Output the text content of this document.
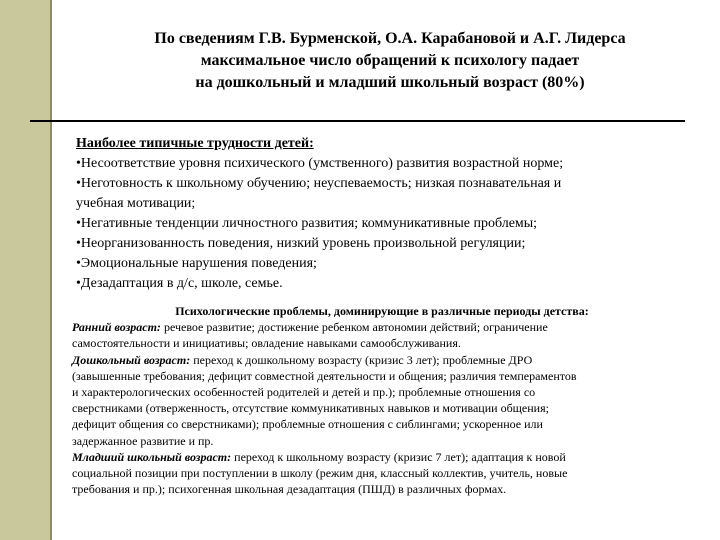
По сведениям Г.В. Бурменской, О.А. Карабановой и А.Г. Лидерса
максимальное число обращений к психологу падает
на дошкольный и младший школьный возраст (80%)
Наиболее типичные трудности детей:
•Несоответствие уровня психического (умственного) развития возрастной норме;
•Неготовность к школьному обучению; неуспеваемость; низкая познавательная и
учебная мотивации;
•Негативные тенденции личностного развития; коммуникативные проблемы;
•Неорганизованность поведения, низкий уровень произвольной регуляции;
•Эмоциональные нарушения поведения;
•Дезадаптация в д/с, школе, семье.
Психологические проблемы, доминирующие в различные периоды детства:
Ранний возраст: речевое развитие; достижение ребенком автономии действий; ограничение
самостоятельности и инициативы; овладение навыками самообслуживания.
Дошкольный возраст: переход к дошкольному возрасту (кризис 3 лет); проблемные ДРО
(завышенные требования; дефицит совместной деятельности и общения; различия темпераментов
и характерологических особенностей родителей и детей и пр.); проблемные отношения со
сверстниками (отверженность, отсутствие коммуникативных навыков и мотивации общения;
дефицит общения со сверстниками); проблемные отношения с сиблингами; ускоренное или
задержанное развитие и пр.
Младший школьный возраст: переход к школьному возрасту (кризис 7 лет); адаптация к новой
социальной позиции при поступлении в школу (режим дня, классный коллектив, учитель, новые
требования и пр.); психогенная школьная дезадаптация (ПШД) в различных формах.
